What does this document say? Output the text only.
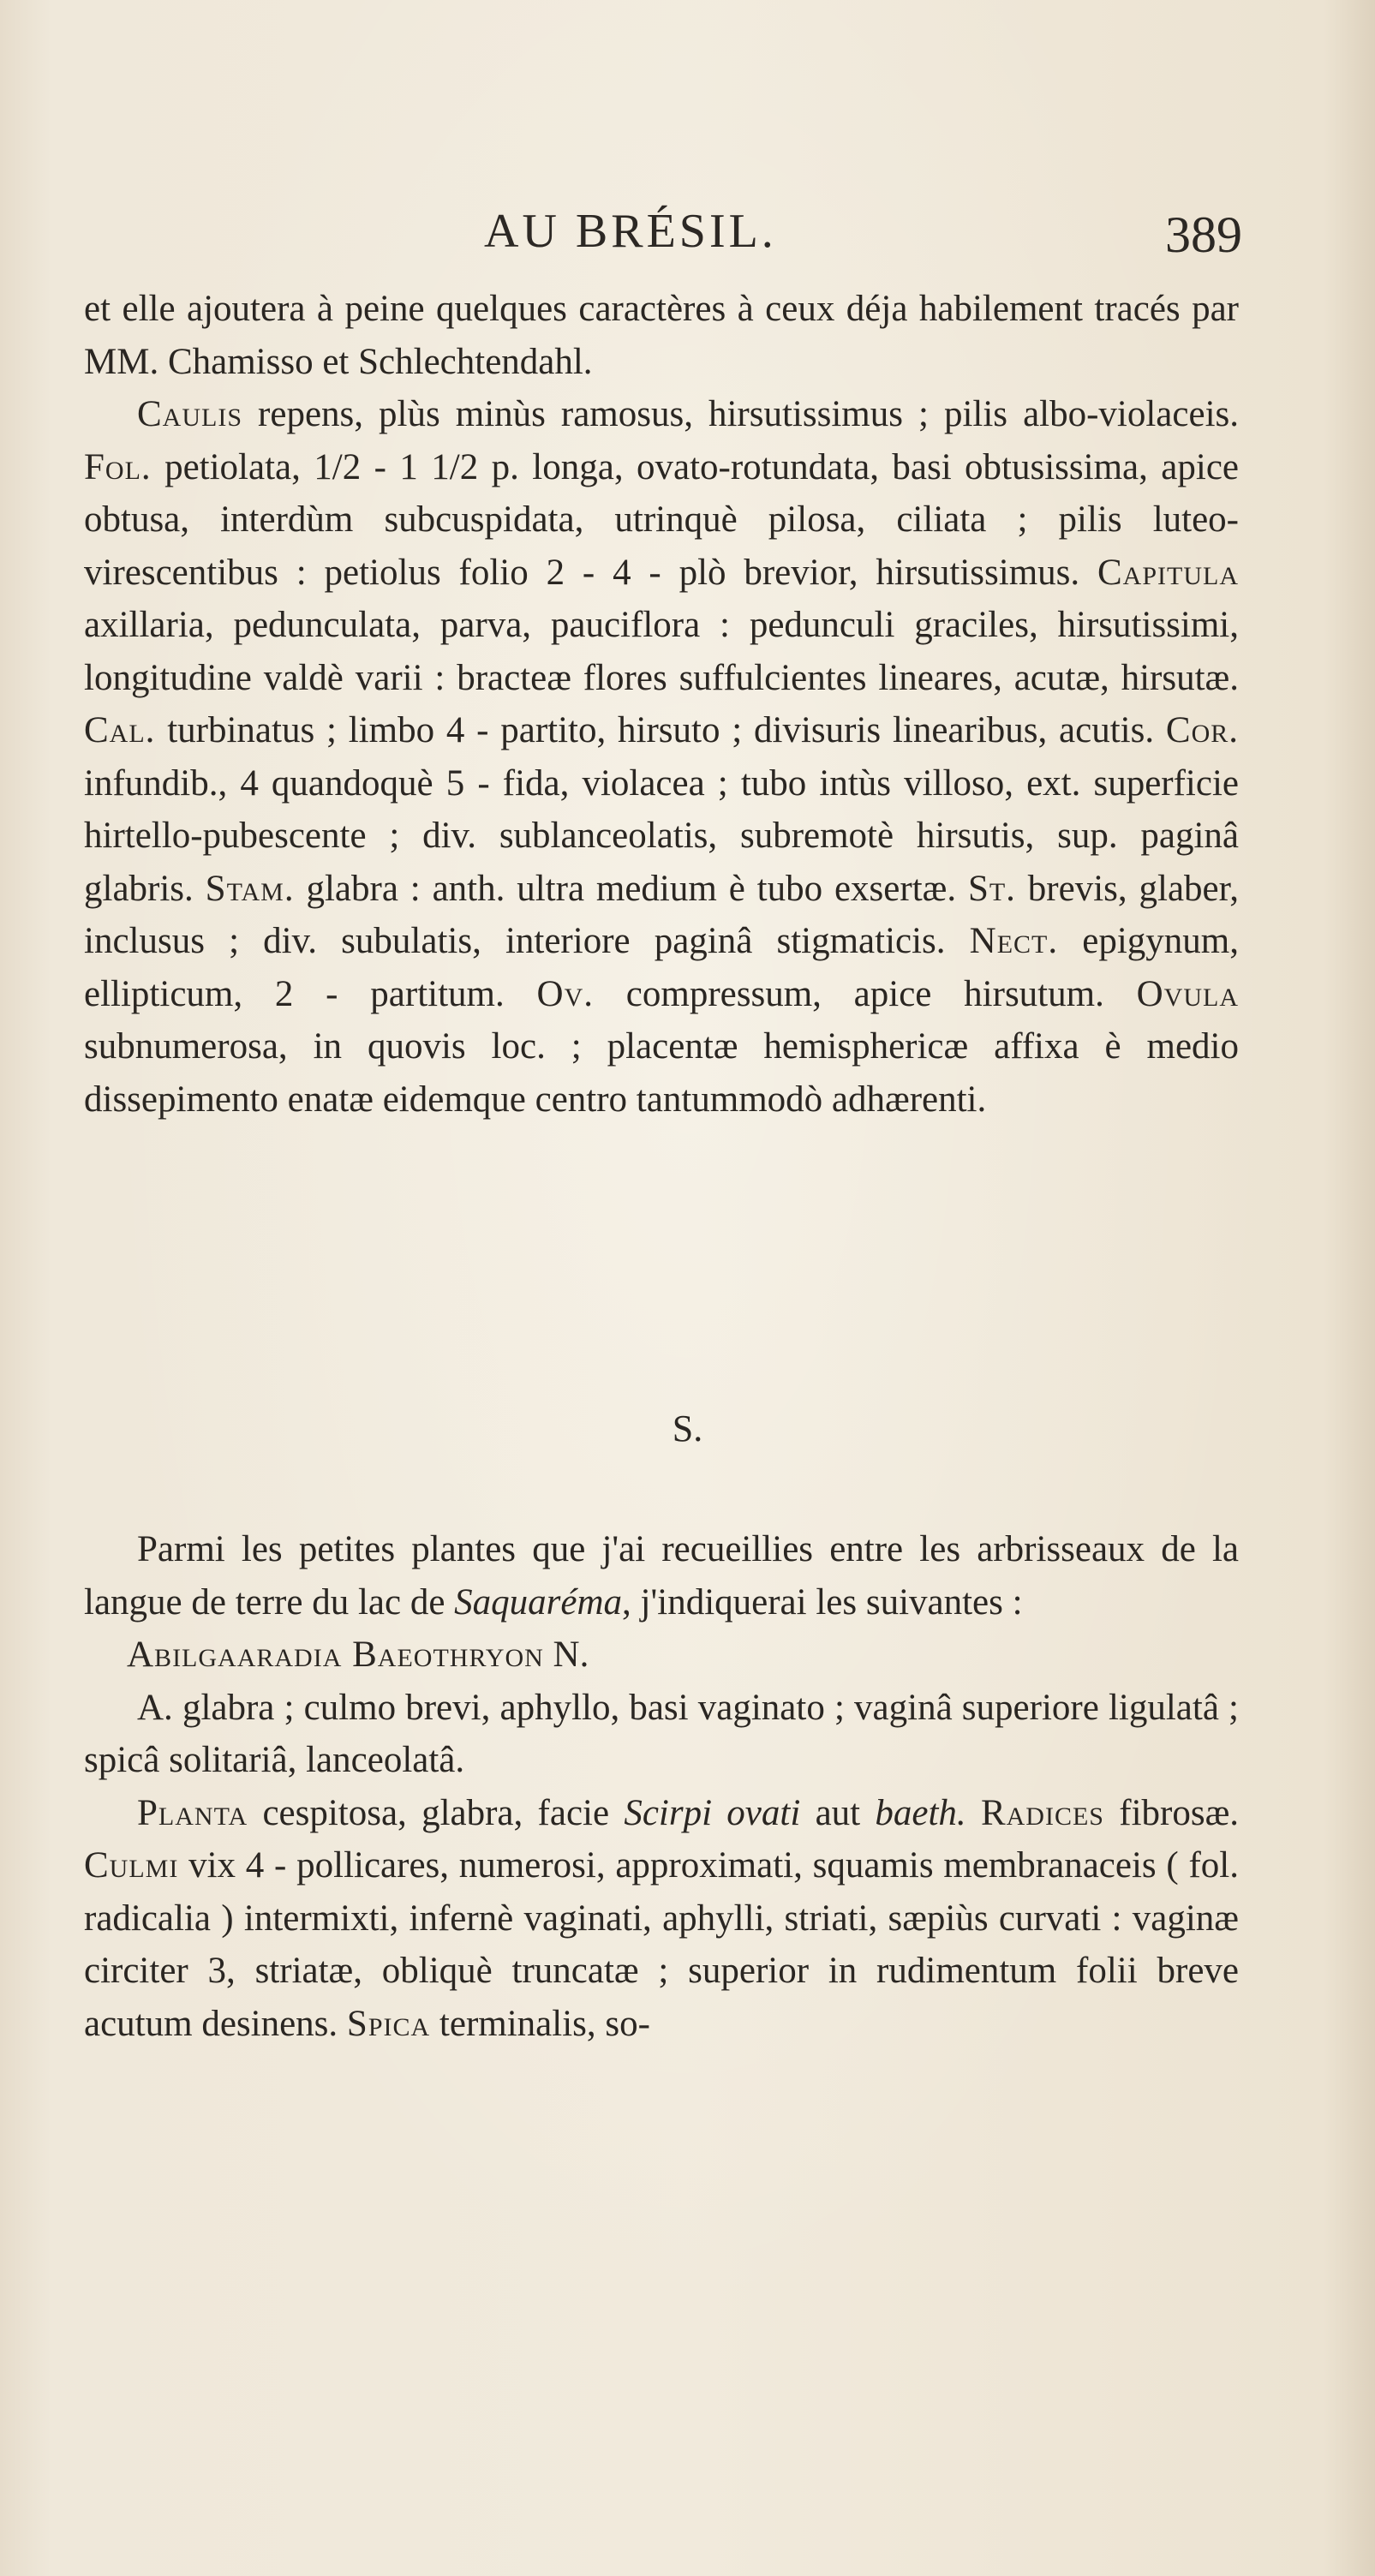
AU BRÉSIL.	389

et elle ajoutera à peine quelques caractères à ceux déja habilement tracés par MM. Chamisso et Schlechtendahl.

Caulis repens, plùs minùs ramosus, hirsutissimus ; pilis albo-violaceis. Fol. petiolata, 1/2 - 1 1/2 p. longa, ovato-rotundata, basi obtusissima, apice obtusa, interdùm subcuspidata, utrinquè pilosa, ciliata ; pilis luteo-virescentibus : petiolus folio 2 - 4 - plò brevior, hirsutissimus. Capitula axillaria, pedunculata, parva, pauciflora : pedunculi graciles, hirsutissimi, longitudine valdè varii : bracteæ flores suffulcientes lineares, acutæ, hirsutæ. Cal. turbinatus ; limbo 4 - partito, hirsuto ; divisuris linearibus, acutis. Cor. infundib., 4 quandoquè 5 - fida, violacea ; tubo intùs villoso, ext. superficie hirtello-pubescente ; div. sublanceolatis, subremotè hirsutis, sup. paginâ glabris. Stam. glabra : anth. ultra medium è tubo exsertæ. St. brevis, glaber, inclusus ; div. subulatis, interiore paginâ stigmaticis. Nect. epigynum, ellipticum, 2 - partitum. Ov. compressum, apice hirsutum. Ovula subnumerosa, in quovis loc. ; placentæ hemisphericæ affixa è medio dissepimento enatæ eidemque centro tantummodò adhærenti.

S.

Parmi les petites plantes que j'ai recueillies entre les arbrisseaux de la langue de terre du lac de Saquaréma, j'indiquerai les suivantes :

Abilgaaradia Baeothryon N.

A. glabra ; culmo brevi, aphyllo, basi vaginato ; vaginâ superiore ligulatâ ; spicâ solitariâ, lanceolatâ.

Planta cespitosa, glabra, facie Scirpi ovati aut baeth. Radices fibrosæ. Culmi vix 4 - pollicares, numerosi, approximati, squamis membranaceis ( fol. radicalia ) intermixti, infernè vaginati, aphylli, striati, sæpiùs curvati : vaginæ circiter 3, striatæ, obliquè truncatæ ; superior in rudimentum folii breve acutum desinens. Spica terminalis, so-
